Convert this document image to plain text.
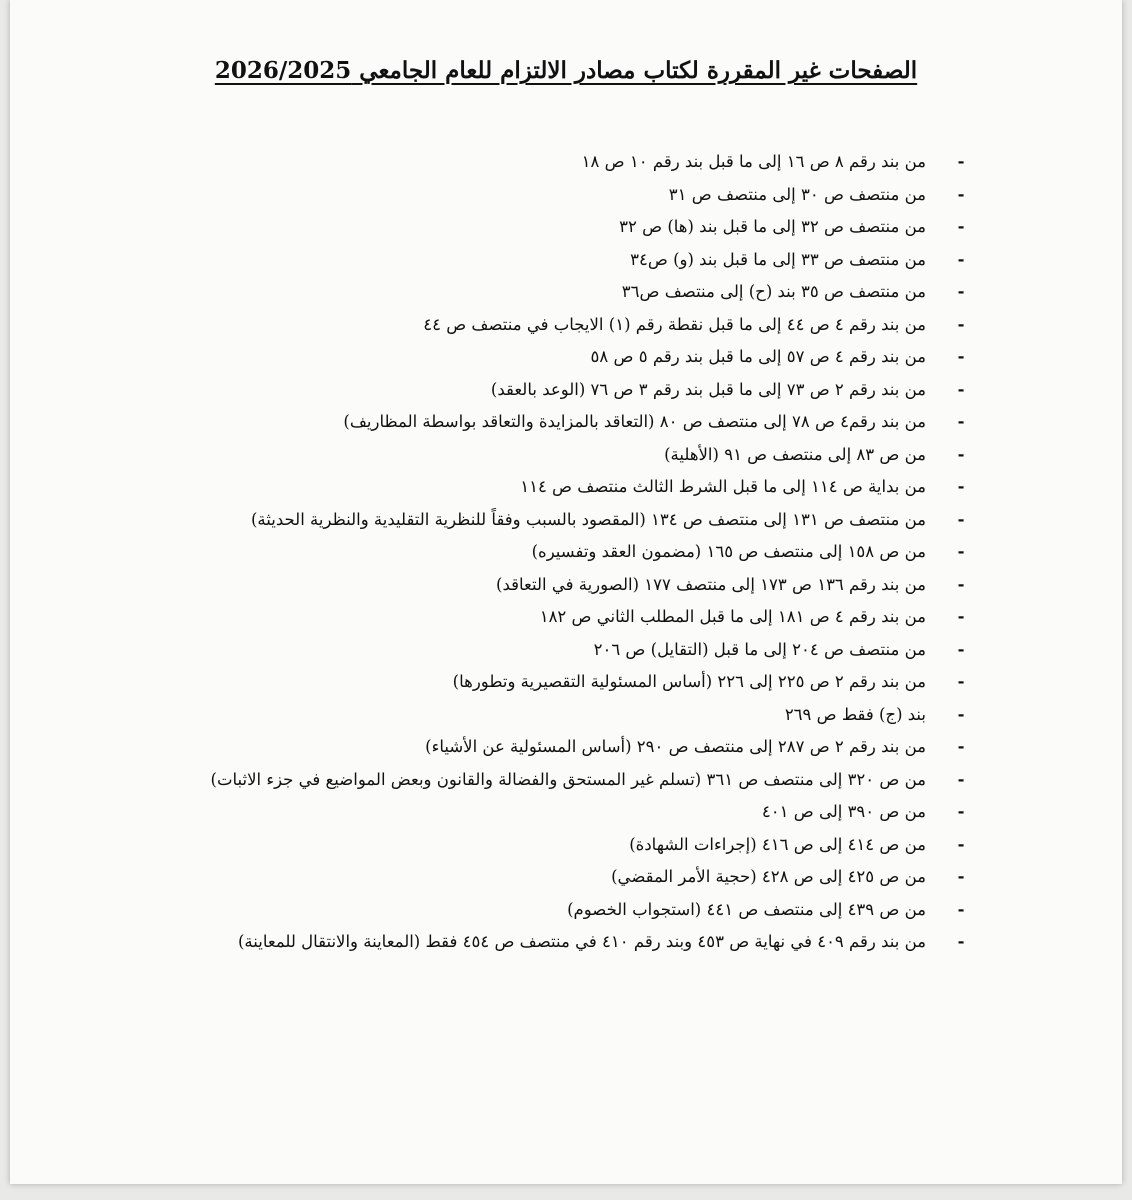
الصفحات غير المقررة لكتاب مصادر الالتزام للعام الجامعي 2026/2025
-
من بند رقم ٨ ص ١٦ إلى ما قبل بند رقم ١٠ ص ١٨
-
من منتصف ص ٣٠ إلى منتصف ص ٣١
-
من منتصف ص ٣٢ إلى ما قبل بند (ها) ص ٣٢
-
من منتصف ص ٣٣ إلى ما قبل بند (و) ص٣٤
-
من منتصف ص ٣٥ بند (ح) إلى منتصف ص٣٦
-
من بند رقم ٤ ص ٤٤ إلى ما قبل نقطة رقم (١) الايجاب في منتصف ص ٤٤
-
من بند رقم ٤ ص ٥٧ إلى ما قبل بند رقم ٥ ص ٥٨
-
من بند رقم ٢ ص ٧٣ إلى ما قبل بند رقم ٣ ص ٧٦ (الوعد بالعقد)
-
من بند رقم٤ ص ٧٨ إلى منتصف ص ٨٠ (التعاقد بالمزايدة والتعاقد بواسطة المظاريف)
-
من ص ٨٣ إلى منتصف ص ٩١ (الأهلية)
-
من بداية ص ١١٤ إلى ما قبل الشرط الثالث منتصف ص ١١٤
-
من منتصف ص ١٣١ إلى منتصف ص ١٣٤ (المقصود بالسبب وفقاً للنظرية التقليدية والنظرية الحديثة)
-
من ص ١٥٨ إلى منتصف ص ١٦٥ (مضمون العقد وتفسيره)
-
من بند رقم ١٣٦ ص ١٧٣ إلى منتصف ١٧٧ (الصورية في التعاقد)
-
من بند رقم ٤ ص ١٨١ إلى ما قبل المطلب الثاني ص ١٨٢
-
من منتصف ص ٢٠٤ إلى ما قبل (التقايل) ص ٢٠٦
-
من بند رقم ٢ ص ٢٢٥ إلى ٢٢٦ (أساس المسئولية التقصيرية وتطورها)
-
بند (ج) فقط ص ٢٦٩
-
من بند رقم ٢ ص ٢٨٧ إلى منتصف ص ٢٩٠ (أساس المسئولية عن الأشياء)
-
من ص ٣٢٠ إلى منتصف ص ٣٦١ (تسلم غير المستحق والفضالة والقانون وبعض المواضيع في جزء الاثبات)
-
من ص ٣٩٠ إلى ص ٤٠١
-
من ص ٤١٤ إلى ص ٤١٦ (إجراءات الشهادة)
-
من ص ٤٢٥ إلى ص ٤٢٨ (حجية الأمر المقضي)
-
من ص ٤٣٩ إلى منتصف ص ٤٤١ (استجواب الخصوم)
-
من بند رقم ٤٠٩ في نهاية ص ٤٥٣ وبند رقم ٤١٠ في منتصف ص ٤٥٤ فقط (المعاينة والانتقال للمعاينة)
